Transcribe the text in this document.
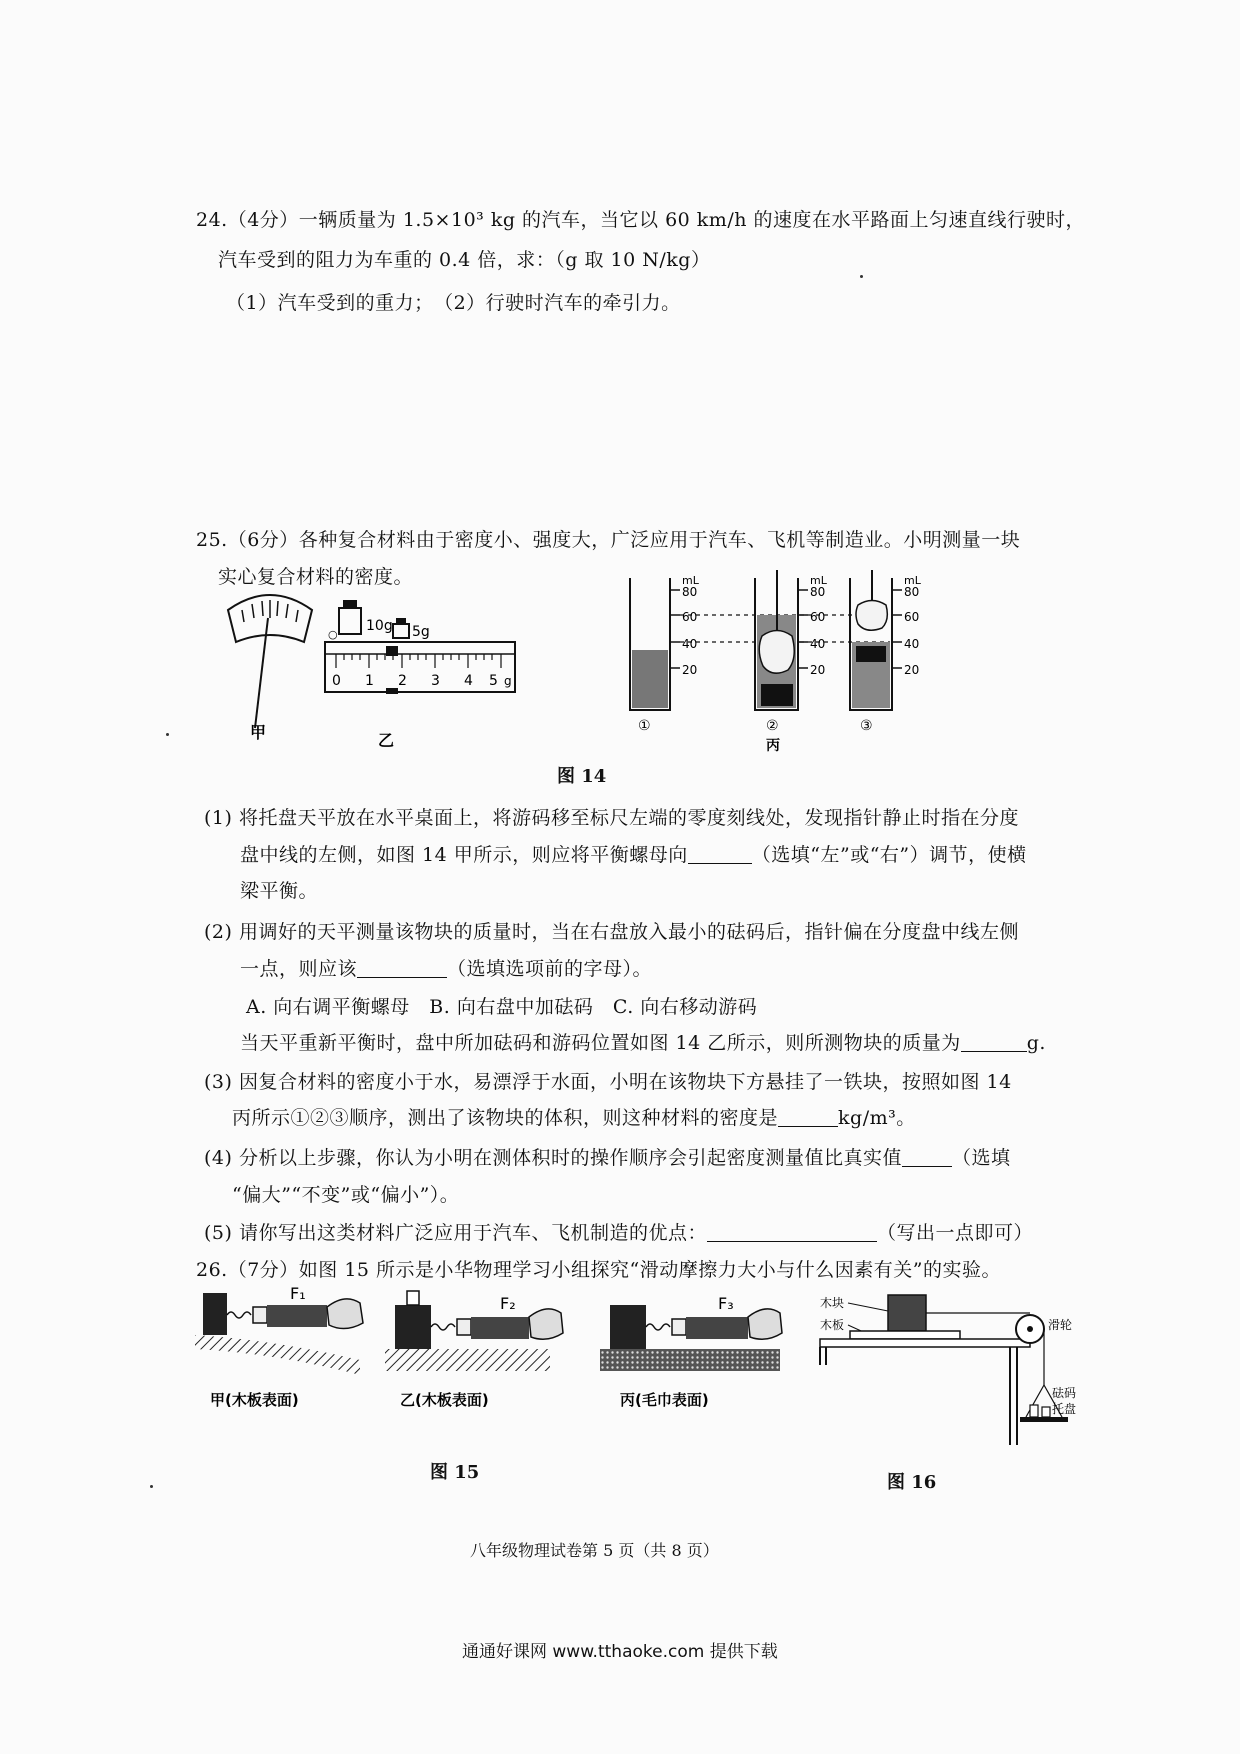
24.（4分）一辆质量为 1.5×10³ kg 的汽车，当它以 60 km/h 的速度在水平路面上匀速直线行驶时，
汽车受到的阻力为车重的 0.4 倍，求：（g 取 10 N/kg）
（1）汽车受到的重力；　（2）行驶时汽车的牵引力。
25.（6分）各种复合材料由于密度小、强度大，广泛应用于汽车、飞机等制造业。小明测量一块
实心复合材料的密度。
甲
10g 5g
○
0 1 2 3 4 5 g
乙
mL
80
60
40
20
①
mL
80
60
40
20
②
丙
mL
80
60
40
20
③
图 14
(1) 将托盘天平放在水平桌面上，将游码移至标尺左端的零度刻线处，发现指针静止时指在分度
盘中线的左侧，如图 14 甲所示，则应将平衡螺母向	（选填“左”或“右”）调节，使横
梁平衡。
(2) 用调好的天平测量该物块的质量时，当在右盘放入最小的砝码后，指针偏在分度盘中线左侧
一点，则应该	（选填选项前的字母）。
A. 向右调平衡螺母　B. 向右盘中加砝码　C. 向右移动游码
当天平重新平衡时，盘中所加砝码和游码位置如图 14 乙所示，则所测物块的质量为	g.
(3) 因复合材料的密度小于水，易漂浮于水面，小明在该物块下方悬挂了一铁块，按照如图 14
丙所示①②③顺序，测出了该物块的体积，则这种材料的密度是	kg/m³。
(4) 分析以上步骤，你认为小明在测体积时的操作顺序会引起密度测量值比真实值	（选填
“偏大”“不变”或“偏小”）。
(5) 请你写出这类材料广泛应用于汽车、飞机制造的优点：	（写出一点即可）
26.（7分）如图 15 所示是小华物理学习小组探究“滑动摩擦力大小与什么因素有关”的实验。
F₁
甲(木板表面)
F₂
乙(木板表面)
F₃
丙(毛巾表面)
木块
木板	滑轮
砝码
托盘
图 15	图 16
八年级物理试卷第 5 页（共 8 页）
通通好课网 www.tthaoke.com 提供下载
